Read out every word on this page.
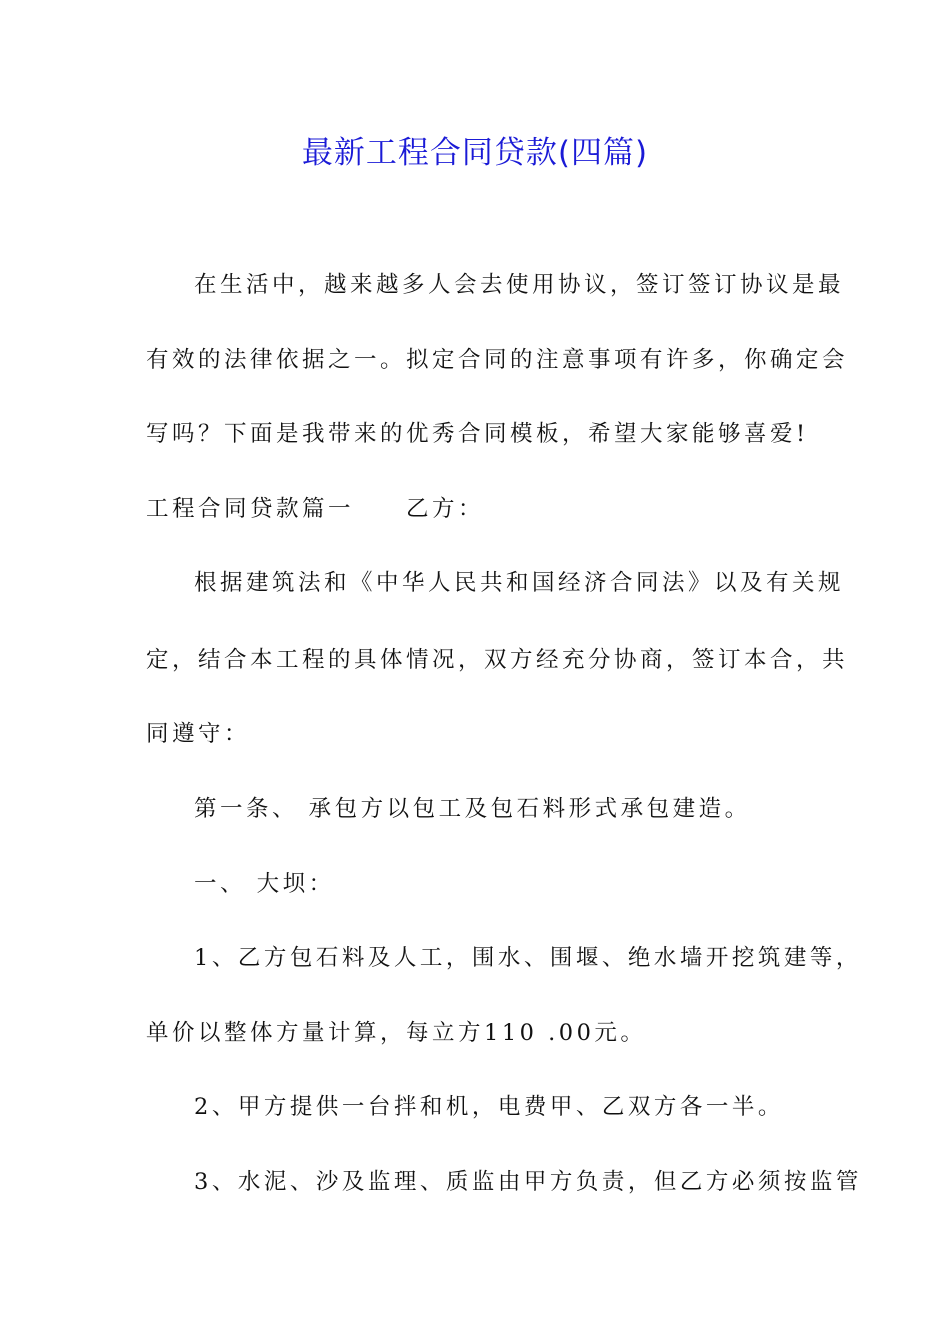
最新工程合同贷款(四篇)
在生活中，越来越多人会去使用协议，签订签订协议是最
有效的法律依据之一。拟定合同的注意事项有许多，你确定会
写吗？下面是我带来的优秀合同模板，希望大家能够喜爱!
工程合同贷款篇一　　乙方：
根据建筑法和《中华人民共和国经济合同法》以及有关规
定，结合本工程的具体情况，双方经充分协商，签订本合，共
同遵守：
第一条、 承包方以包工及包石料形式承包建造。
一、 大坝：
1、乙方包石料及人工，围水、围堰、绝水墙开挖筑建等，
单价以整体方量计算，每立方110 .00元。
2、甲方提供一台拌和机，电费甲、乙双方各一半。
3、水泥、沙及监理、质监由甲方负责，但乙方必须按监管
